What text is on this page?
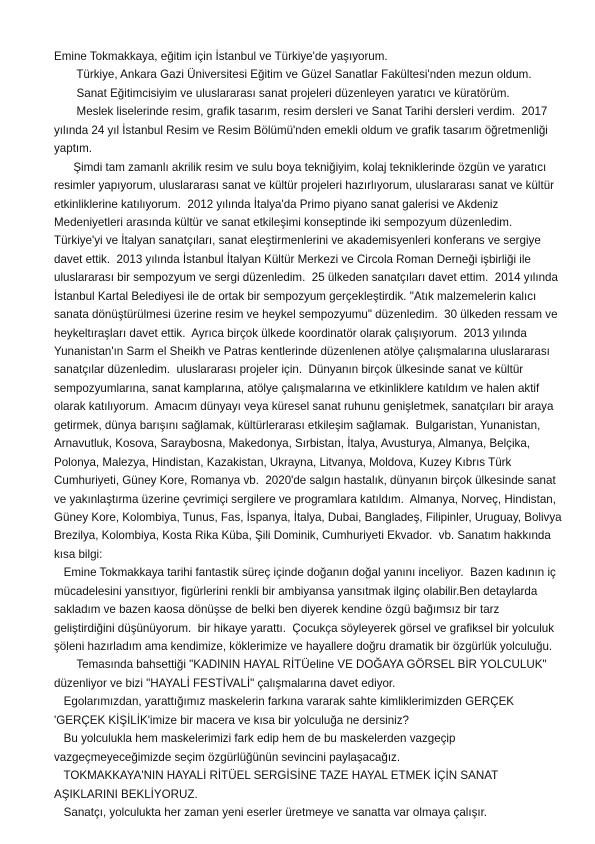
Emine Tokmakkaya, eğitim için İstanbul ve Türkiye'de yaşıyorum.
Türkiye, Ankara Gazi Üniversitesi Eğitim ve Güzel Sanatlar Fakültesi'nden mezun oldum.
Sanat Eğitimcisiyim ve uluslararası sanat projeleri düzenleyen yaratıcı ve küratörüm.
Meslek liselerinde resim, grafik tasarım, resim dersleri ve Sanat Tarihi dersleri verdim.  2017
yılında 24 yıl İstanbul Resim ve Resim Bölümü'nden emekli oldum ve grafik tasarım öğretmenliği
yaptım.
Şimdi tam zamanlı akrilik resim ve sulu boya tekniğiyim, kolaj tekniklerinde özgün ve yaratıcı
resimler yapıyorum, uluslararası sanat ve kültür projeleri hazırlıyorum, uluslararası sanat ve kültür
etkinliklerine katılıyorum.  2012 yılında İtalya'da Primo piyano sanat galerisi ve Akdeniz
Medeniyetleri arasında kültür ve sanat etkileşimi konseptinde iki sempozyum düzenledim.
Türkiye'yi ve İtalyan sanatçıları, sanat eleştirmenlerini ve akademisyenleri konferans ve sergiye
davet ettik.  2013 yılında İstanbul İtalyan Kültür Merkezi ve Circola Roman Derneği işbirliği ile
uluslararası bir sempozyum ve sergi düzenledim.  25 ülkeden sanatçıları davet ettim.  2014 yılında
İstanbul Kartal Belediyesi ile de ortak bir sempozyum gerçekleştirdik. "Atık malzemelerin kalıcı
sanata dönüştürülmesi üzerine resim ve heykel sempozyumu" düzenledim.  30 ülkeden ressam ve
heykeltıraşları davet ettik.  Ayrıca birçok ülkede koordinatör olarak çalışıyorum.  2013 yılında
Yunanistan'ın Sarm el Sheikh ve Patras kentlerinde düzenlenen atölye çalışmalarına uluslararası
sanatçılar düzenledim.  uluslararası projeler için.  Dünyanın birçok ülkesinde sanat ve kültür
sempozyumlarına, sanat kamplarına, atölye çalışmalarına ve etkinliklere katıldım ve halen aktif
olarak katılıyorum.  Amacım dünyayı veya küresel sanat ruhunu genişletmek, sanatçıları bir araya
getirmek, dünya barışını sağlamak, kültürlerarası etkileşim sağlamak.  Bulgaristan, Yunanistan,
Arnavutluk, Kosova, Saraybosna, Makedonya, Sırbistan, İtalya, Avusturya, Almanya, Belçika,
Polonya, Malezya, Hindistan, Kazakistan, Ukrayna, Litvanya, Moldova, Kuzey Kıbrıs Türk
Cumhuriyeti, Güney Kore, Romanya vb.  2020'de salgın hastalık, dünyanın birçok ülkesinde sanat
ve yakınlaştırma üzerine çevrimiçi sergilere ve programlara katıldım.  Almanya, Norveç, Hindistan,
Güney Kore, Kolombiya, Tunus, Fas, İspanya, İtalya, Dubai, Bangladeş, Filipinler, Uruguay, Bolivya
Brezilya, Kolombiya, Kosta Rika Küba, Şili Dominik, Cumhuriyeti Ekvador.  vb. Sanatım hakkında
kısa bilgi:
Emine Tokmakkaya tarihi fantastik süreç içinde doğanın doğal yanını inceliyor.  Bazen kadının iç
mücadelesini yansıtıyor, figürlerini renkli bir ambiyansa yansıtmak ilginç olabilir.Ben detaylarda
sakladım ve bazen kaosa dönüşse de belki ben diyerek kendine özgü bağımsız bir tarz
geliştirdiğini düşünüyorum.  bir hikaye yarattı.  Çocukça söyleyerek görsel ve grafiksel bir yolculuk
şöleni hazırladım ama kendimize, köklerimize ve hayallere doğru dramatik bir özgürlük yolculuğu.
Temasında bahsettiği "KADININ HAYAL RİTÜeline VE DOĞAYA GÖRSEL BİR YOLCULUK"
düzenliyor ve bizi "HAYALİ FESTİVALİ" çalışmalarına davet ediyor.
Egolarımızdan, yarattığımız maskelerin farkına vararak sahte kimliklerimizden GERÇEK
'GERÇEK KİŞİLİK'imize bir macera ve kısa bir yolculuğa ne dersiniz?
Bu yolculukla hem maskelerimizi fark edip hem de bu maskelerden vazgeçip
vazgeçmeyeceğimizde seçim özgürlüğünün sevincini paylaşacağız.
TOKMAKKAYA'NIN HAYALİ RİTÜEL SERGİSİNE TAZE HAYAL ETMEK İÇİN SANAT
AŞIKLARINI BEKLİYORUZ.
Sanatçı, yolculukta her zaman yeni eserler üretmeye ve sanatta var olmaya çalışır.
